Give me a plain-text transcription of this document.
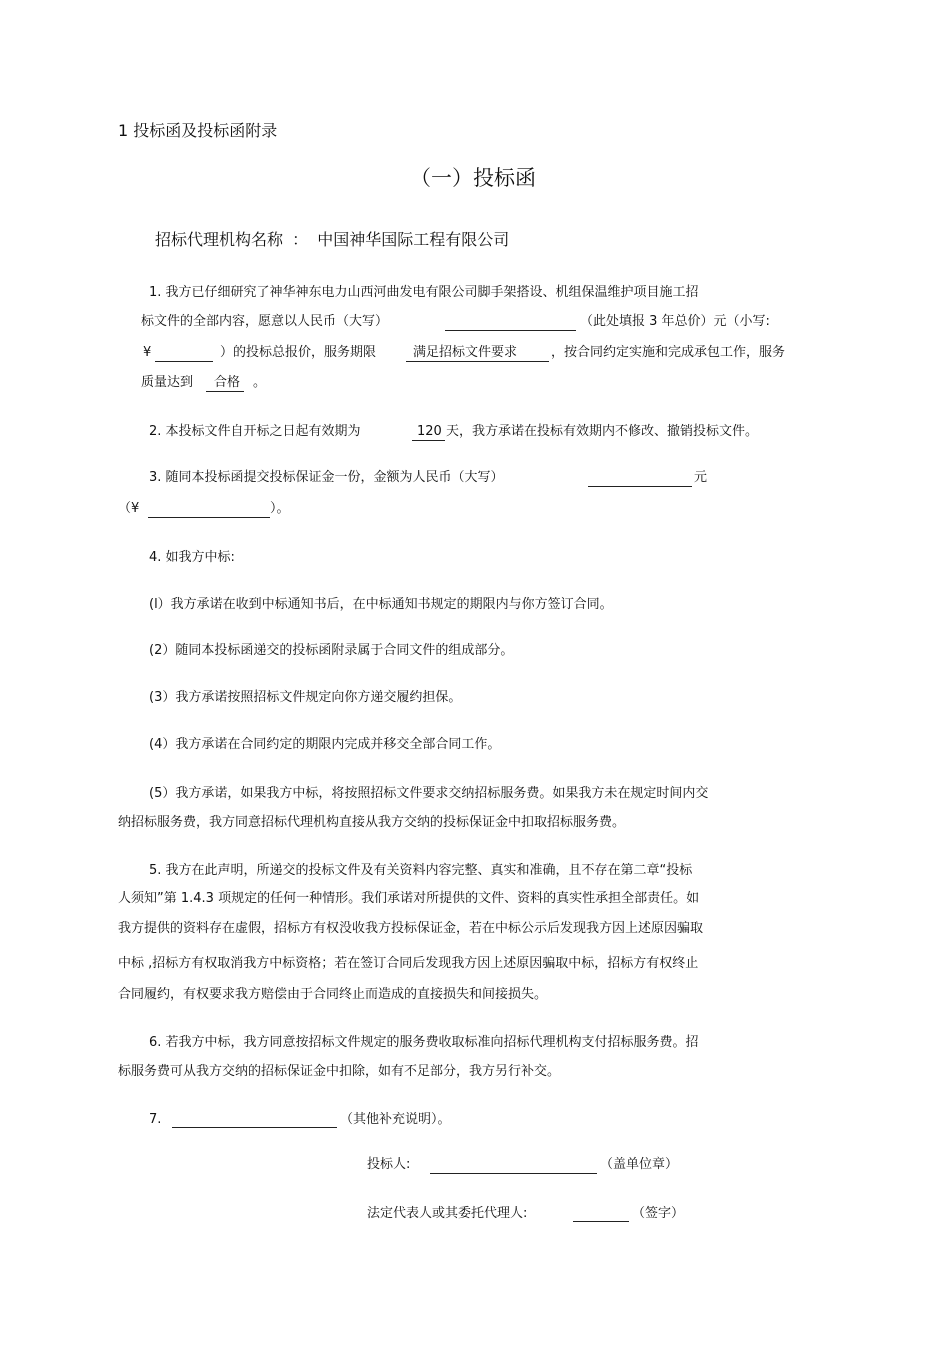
1 投标函及投标函附录
（一）投标函
招标代理机构名称 ： 中国神华国际工程有限公司
1. 我方已仔细研究了神华神东电力山西河曲发电有限公司脚手架搭设、机组保温维护项目施工招
标文件的全部内容，愿意以人民币（大写）	（此处填报 3 年总价）元（小写:
¥	）的投标总报价，服务期限	满足招标文件要求	，按合同约定实施和完成承包工作，服务
质量达到 合格 。
2. 本投标文件自开标之日起有效期为	120 天，我方承诺在投标有效期内不修改、撤销投标文件。
3. 随同本投标函提交投标保证金一份，金额为人民币（大写）	元
（¥	）。
4. 如我方中标:
(l）我方承诺在收到中标通知书后，在中标通知书规定的期限内与你方签订合同。
(2）随同本投标函递交的投标函附录属于合同文件的组成部分。
(3）我方承诺按照招标文件规定向你方递交履约担保。
(4）我方承诺在合同约定的期限内完成并移交全部合同工作。
(5）我方承诺，如果我方中标，将按照招标文件要求交纳招标服务费。如果我方未在规定时间内交
纳招标服务费，我方同意招标代理机构直接从我方交纳的投标保证金中扣取招标服务费。
5. 我方在此声明，所递交的投标文件及有关资料内容完整、真实和准确，且不存在第二章“投标
人须知”第 1.4.3 项规定的任何一种情形。我们承诺对所提供的文件、资料的真实性承担全部责任。如
我方提供的资料存在虚假，招标方有权没收我方投标保证金，若在中标公示后发现我方因上述原因骗取
中标 ,招标方有权取消我方中标资格；若在签订合同后发现我方因上述原因骗取中标，招标方有权终止
合同履约，有权要求我方赔偿由于合同终止而造成的直接损失和间接损失。
6. 若我方中标，我方同意按招标文件规定的服务费收取标准向招标代理机构支付招标服务费。招
标服务费可从我方交纳的招标保证金中扣除，如有不足部分，我方另行补交。
7.	（其他补充说明）。
投标人:	（盖单位章）
法定代表人或其委托代理人:	（签字）
